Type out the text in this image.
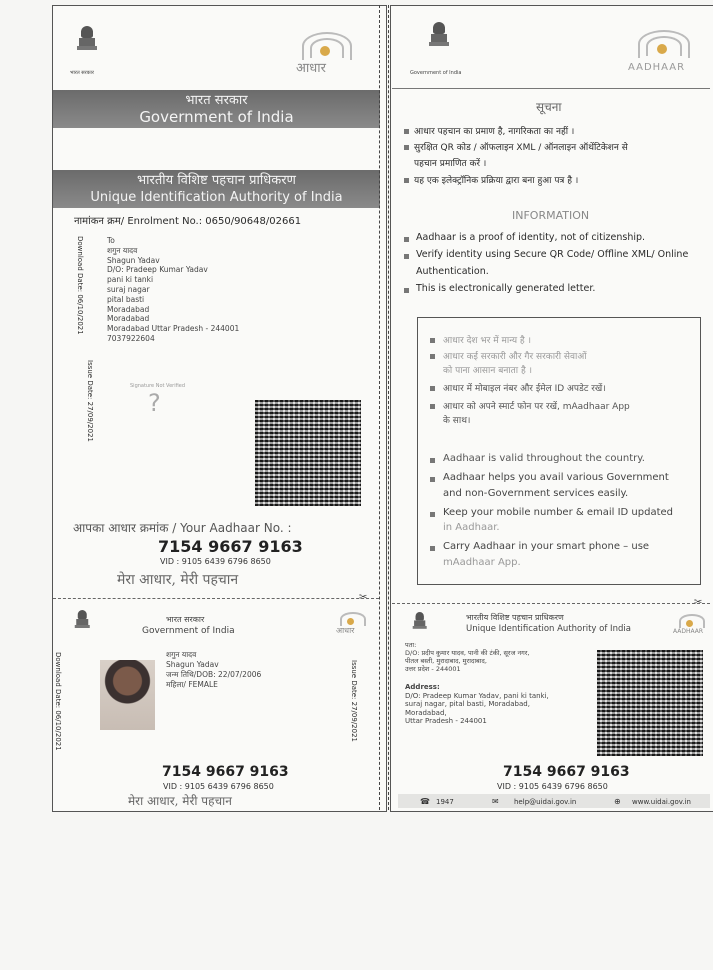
भारत सरकार	आधार
भारत सरकार
Government of India
भारतीय विशिष्ट पहचान प्राधिकरण
Unique Identification Authority of India
नामांकन क्रम/ Enrolment No.: 0650/90648/02661
Download Date: 06/10/2021
Issue Date: 27/09/2021
To
शगुन यादव
Shagun Yadav
D/O: Pradeep Kumar Yadav
pani ki tanki
suraj nagar
pital basti
Moradabad
Moradabad
Moradabad Uttar Pradesh - 244001
7037922604
Signature Not Verified
?
आपका आधार क्रमांक / Your Aadhaar No. :
7154 9667 9163
VID : 9105 6439 6796 8650
मेरा आधार, मेरी पहचान
✂
भारत सरकार
Government of India	आधार
Download Date: 06/10/2021	Issue Date: 27/09/2021
शगुन यादव
Shagun Yadav
जन्म तिथि/DOB: 22/07/2006
महिला/ FEMALE
7154 9667 9163
VID : 9105 6439 6796 8650
मेरा आधार, मेरी पहचान
Government of India	AADHAAR
सूचना
आधार पहचान का प्रमाण है, नागरिकता का नहीं ।
सुरक्षित QR कोड / ऑफलाइन XML / ऑनलाइन ऑथेंटिकेशन से
पहचान प्रमाणित करें ।
यह एक इलेक्ट्रॉनिक प्रक्रिया द्वारा बना हुआ पत्र है ।
INFORMATION
Aadhaar is a proof of identity, not of citizenship.
Verify identity using Secure QR Code/ Offline XML/ Online
Authentication.
This is electronically generated letter.
आधार देश भर में मान्य है ।
आधार कई सरकारी और गैर सरकारी सेवाओं
को पाना आसान बनाता है ।
आधार में मोबाइल नंबर और ईमेल ID अपडेट रखें।
आधार को अपने स्मार्ट फोन पर रखें, mAadhaar App
के साथ।
Aadhaar is valid throughout the country.
Aadhaar helps you avail various Government
and non-Government services easily.
Keep your mobile number & email ID updated
in Aadhaar.
Carry Aadhaar in your smart phone – use
mAadhaar App.
✂
भारतीय विशिष्ट पहचान प्राधिकरण
Unique Identification Authority of India	AADHAAR
पता:
D/O: प्रदीप कुमार यादव, पानी की टंकी, सूरज नगर,
पीतल बस्ती, मुरादाबाद, मुरादाबाद,
उत्तर प्रदेश - 244001
Address:
D/O: Pradeep Kumar Yadav, pani ki tanki,
suraj nagar, pital basti, Moradabad,
Moradabad,
Uttar Pradesh - 244001
7154 9667 9163
VID : 9105 6439 6796 8650
☎ 1947	✉ help@uidai.gov.in	⊕ www.uidai.gov.in
